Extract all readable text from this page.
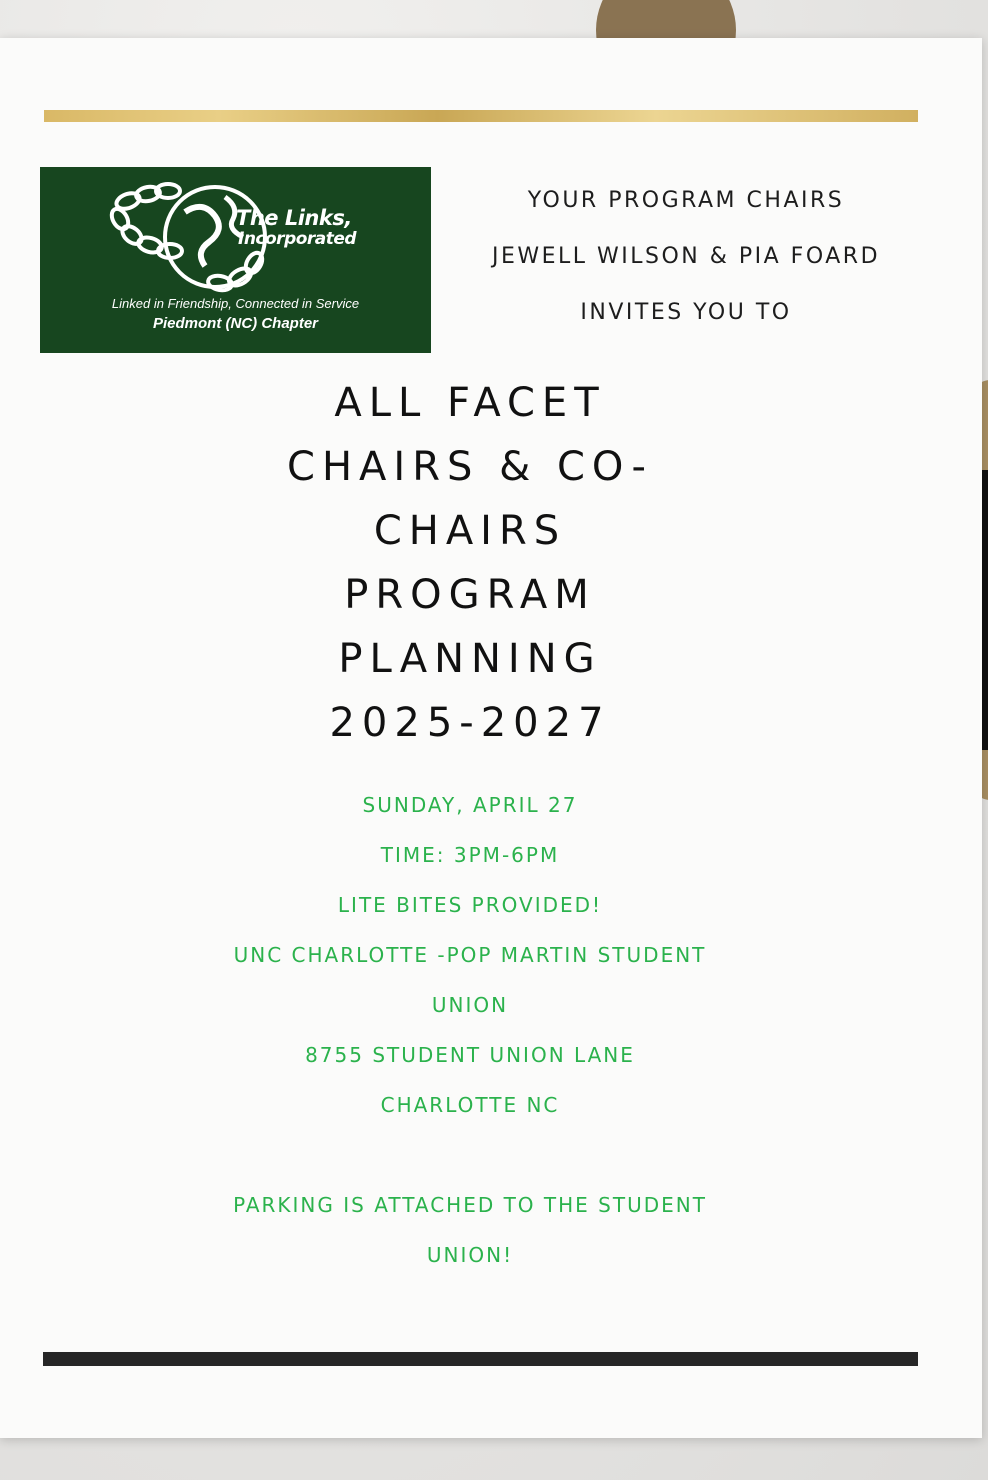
The Links,
Incorporated
Linked in Friendship, Connected in Service
Piedmont (NC) Chapter
YOUR PROGRAM CHAIRS
JEWELL WILSON & PIA FOARD
INVITES YOU TO
ALL FACET
CHAIRS & CO-
CHAIRS
PROGRAM
PLANNING
2025-2027
SUNDAY, APRIL 27
TIME: 3PM-6PM
LITE BITES PROVIDED!
UNC CHARLOTTE -POP MARTIN STUDENT
UNION
8755 STUDENT UNION LANE
CHARLOTTE NC
PARKING IS ATTACHED TO THE STUDENT
UNION!
